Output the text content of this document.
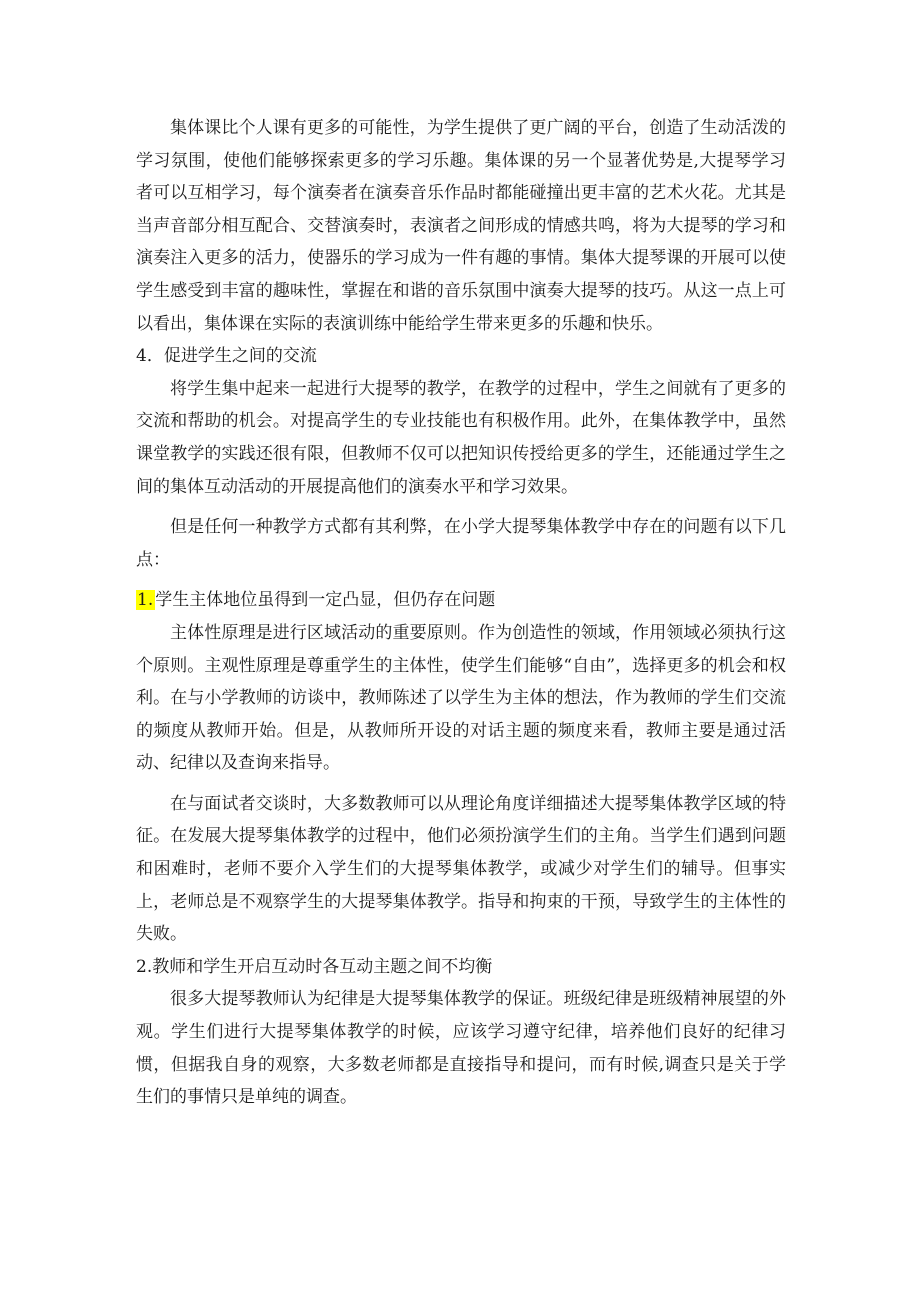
集体课比个人课有更多的可能性，为学生提供了更广阔的平台，创造了生动活泼的学习氛围，使他们能够探索更多的学习乐趣。集体课的另一个显著优势是,大提琴学习者可以互相学习，每个演奏者在演奏音乐作品时都能碰撞出更丰富的艺术火花。尤其是当声音部分相互配合、交替演奏时，表演者之间形成的情感共鸣，将为大提琴的学习和演奏注入更多的活力，使器乐的学习成为一件有趣的事情。集体大提琴课的开展可以使学生感受到丰富的趣味性，掌握在和谐的音乐氛围中演奏大提琴的技巧。从这一点上可以看出，集体课在实际的表演训练中能给学生带来更多的乐趣和快乐。

4．促进学生之间的交流

将学生集中起来一起进行大提琴的教学，在教学的过程中，学生之间就有了更多的交流和帮助的机会。对提高学生的专业技能也有积极作用。此外，在集体教学中，虽然课堂教学的实践还很有限，但教师不仅可以把知识传授给更多的学生，还能通过学生之间的集体互动活动的开展提高他们的演奏水平和学习效果。

但是任何一种教学方式都有其利弊，在小学大提琴集体教学中存在的问题有以下几点：

1. 学生主体地位虽得到一定凸显，但仍存在问题

主体性原理是进行区域活动的重要原则。作为创造性的领域，作用领域必须执行这个原则。主观性原理是尊重学生的主体性，使学生们能够“自由”，选择更多的机会和权利。在与小学教师的访谈中，教师陈述了以学生为主体的想法，作为教师的学生们交流的频度从教师开始。但是，从教师所开设的对话主题的频度来看，教师主要是通过活动、纪律以及查询来指导。

在与面试者交谈时，大多数教师可以从理论角度详细描述大提琴集体教学区域的特征。在发展大提琴集体教学的过程中，他们必须扮演学生们的主角。当学生们遇到问题和困难时，老师不要介入学生们的大提琴集体教学，或减少对学生们的辅导。但事实上，老师总是不观察学生的大提琴集体教学。指导和拘束的干预，导致学生的主体性的失败。

2.教师和学生开启互动时各互动主题之间不均衡

很多大提琴教师认为纪律是大提琴集体教学的保证。班级纪律是班级精神展望的外观。学生们进行大提琴集体教学的时候，应该学习遵守纪律，培养他们良好的纪律习惯，但据我自身的观察，大多数老师都是直接指导和提问，而有时候,调查只是关于学生们的事情只是单纯的调查。
